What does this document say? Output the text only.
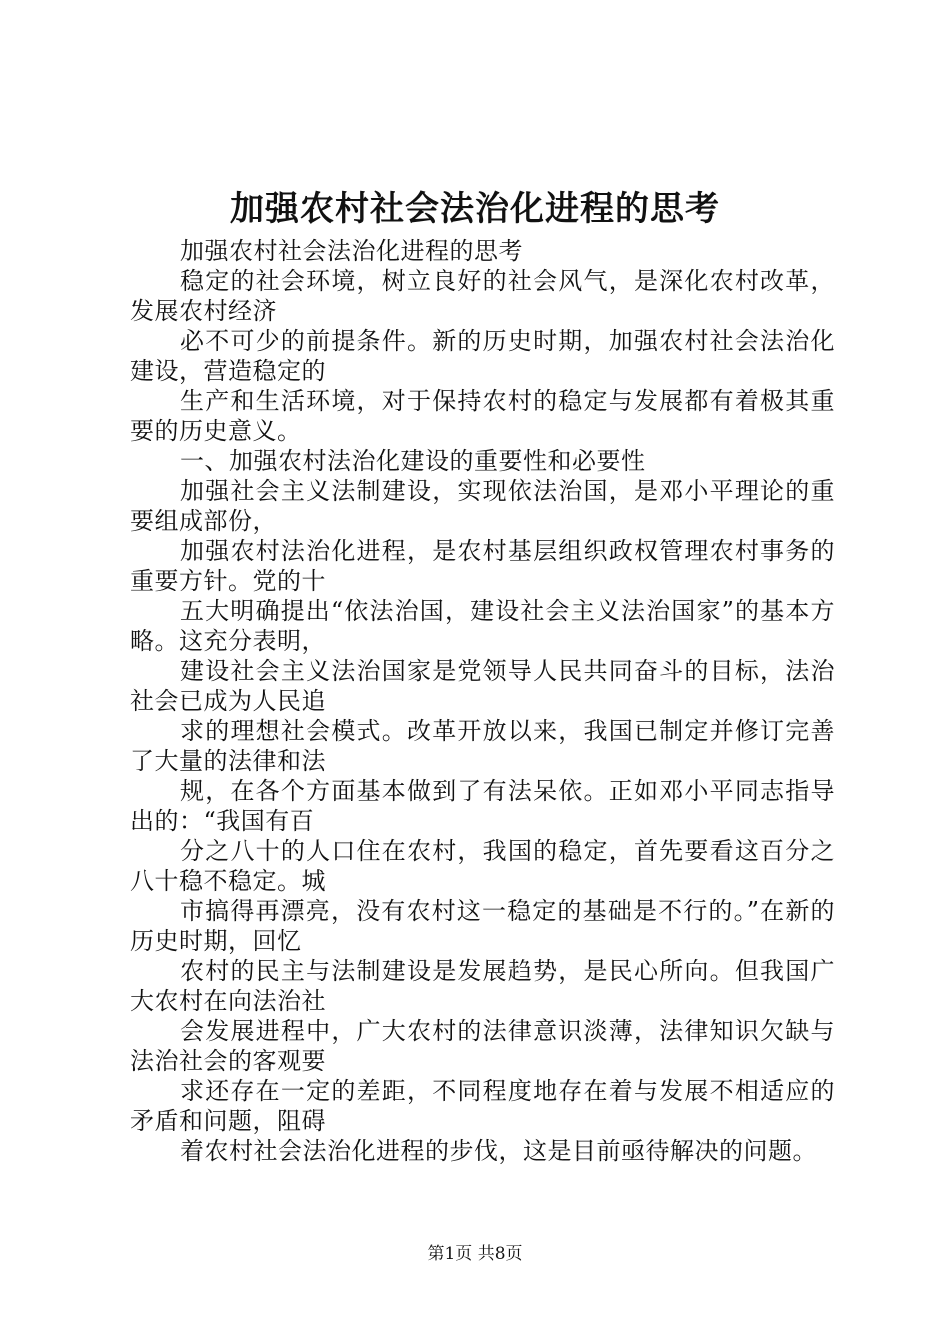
加强农村社会法治化进程的思考

加强农村社会法治化进程的思考

稳定的社会环境，树立良好的社会风气，是深化农村改革，发展农村经济

必不可少的前提条件。新的历史时期，加强农村社会法治化建设，营造稳定的

生产和生活环境，对于保持农村的稳定与发展都有着极其重要的历史意义。

一、加强农村法治化建设的重要性和必要性

加强社会主义法制建设，实现依法治国，是邓小平理论的重要组成部份，

加强农村法治化进程，是农村基层组织政权管理农村事务的重要方针。党的十

五大明确提出“依法治国，建设社会主义法治国家”的基本方略。这充分表明，

建设社会主义法治国家是党领导人民共同奋斗的目标，法治社会已成为人民追

求的理想社会模式。改革开放以来，我国已制定并修订完善了大量的法律和法

规，在各个方面基本做到了有法呆依。正如邓小平同志指导出的：“我国有百

分之八十的人口住在农村，我国的稳定，首先要看这百分之八十稳不稳定。城

市搞得再漂亮，没有农村这一稳定的基础是不行的。”在新的历史时期，回忆

农村的民主与法制建设是发展趋势，是民心所向。但我国广大农村在向法治社

会发展进程中，广大农村的法律意识淡薄，法律知识欠缺与法治社会的客观要

求还存在一定的差距，不同程度地存在着与发展不相适应的矛盾和问题，阻碍

着农村社会法治化进程的步伐，这是目前亟待解决的问题。

第1页 共8页
